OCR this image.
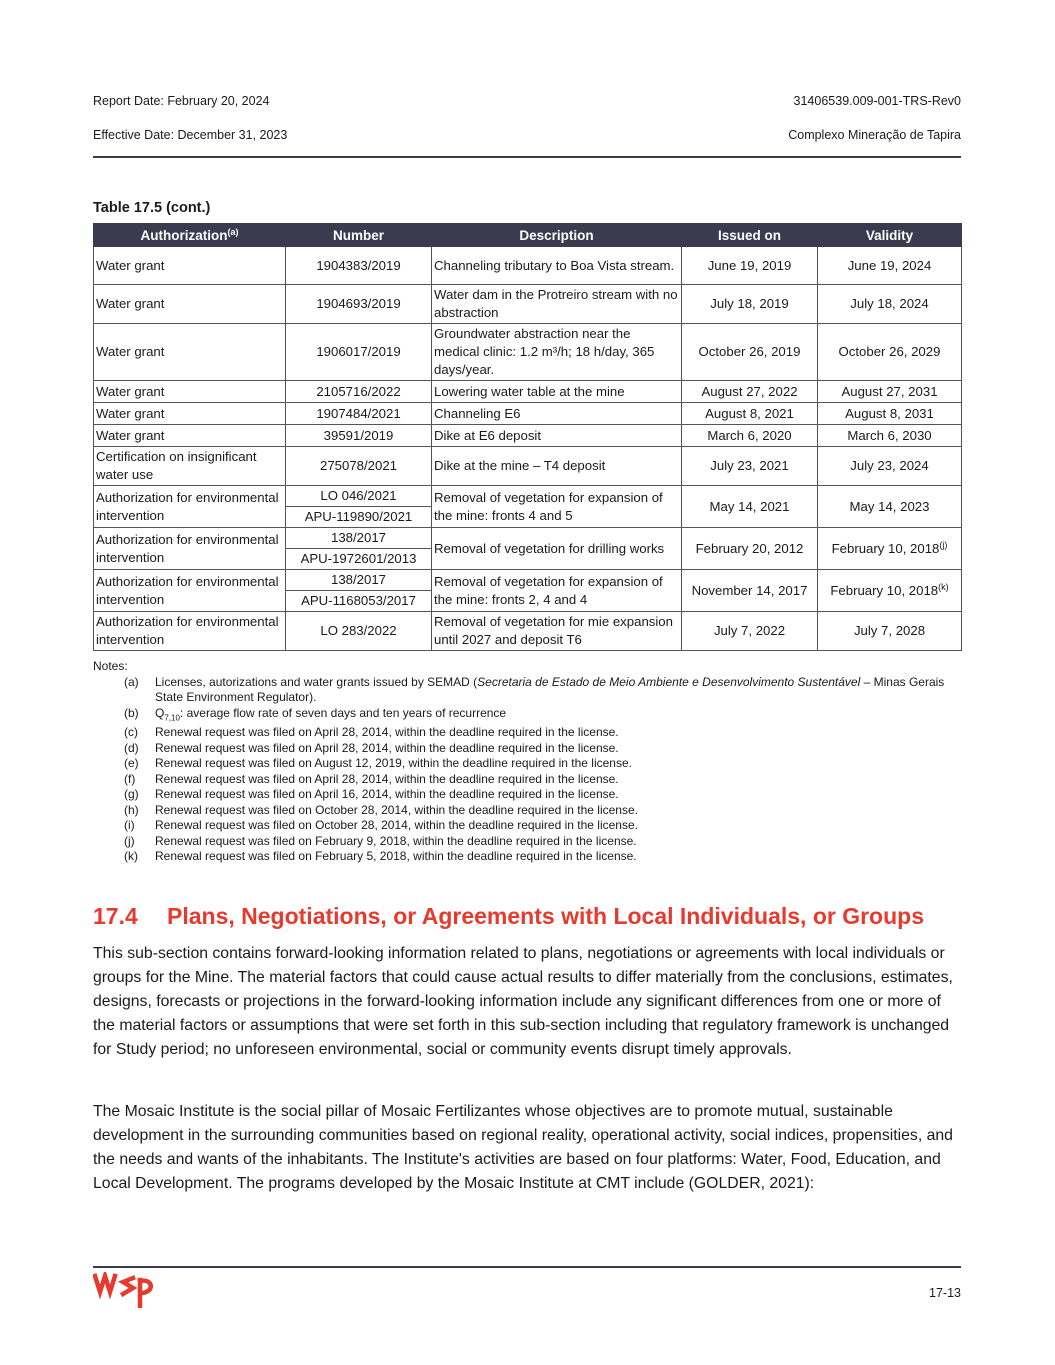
Report Date: February 20, 2024	31406539.009-001-TRS-Rev0
Effective Date: December 31, 2023	Complexo Mineração de Tapira
Table 17.5 (cont.)
Authorization$^{(a)}$	Number	Description	Issued on	Validity
Water grant	1904383/2019	Channeling tributary to Boa Vista stream.	June 19, 2019	June 19, 2024
Water grant	1904693/2019	Water dam in the Protreiro stream with no abstraction	July 18, 2019	July 18, 2024
Water grant	1906017/2019	Groundwater abstraction near the medical clinic: 1.2 m³/h; 18 h/day, 365 days/year.	October 26, 2019	October 26, 2029
Water grant	2105716/2022	Lowering water table at the mine	August 27, 2022	August 27, 2031
Water grant	1907484/2021	Channeling E6	August 8, 2021	August 8, 2031
Water grant	39591/2019	Dike at E6 deposit	March 6, 2020	March 6, 2030
Certification on insignificant water use	275078/2021	Dike at the mine – T4 deposit	July 23, 2021	July 23, 2024
Authorization for environmental intervention	LO 046/2021	Removal of vegetation for expansion of the mine: fronts 4 and 5	May 14, 2021	May 14, 2023
	APU-119890/2021			
Authorization for environmental intervention	138/2017	Removal of vegetation for drilling works	February 20, 2012	February 10, 2018$^{(j)}$
	APU-1972601/2013			
Authorization for environmental intervention	138/2017	Removal of vegetation for expansion of the mine: fronts 2, 4 and 4	November 14, 2017	February 10, 2018$^{(k)}$
	APU-1168053/2017			
Authorization for environmental intervention	LO 283/2022	Removal of vegetation for mie expansion until 2027 and deposit T6	July 7, 2022	July 7, 2028
Notes:
(a) Licenses, autorizations and water grants issued by SEMAD (Secretaria de Estado de Meio Ambiente e Desenvolvimento Sustentável – Minas Gerais State Environment Regulator).
(b) $Q_{7,10}$: average flow rate of seven days and ten years of recurrence
(c) Renewal request was filed on April 28, 2014, within the deadline required in the license.
(d) Renewal request was filed on April 28, 2014, within the deadline required in the license.
(e) Renewal request was filed on August 12, 2019, within the deadline required in the license.
(f) Renewal request was filed on April 28, 2014, within the deadline required in the license.
(g) Renewal request was filed on April 16, 2014, within the deadline required in the license.
(h) Renewal request was filed on October 28, 2014, within the deadline required in the license.
(i) Renewal request was filed on October 28, 2014, within the deadline required in the license.
(j) Renewal request was filed on February 9, 2018, within the deadline required in the license.
(k) Renewal request was filed on February 5, 2018, within the deadline required in the license.
17.4 Plans, Negotiations, or Agreements with Local Individuals, or Groups

This sub-section contains forward-looking information related to plans, negotiations or agreements with local individuals or groups for the Mine. The material factors that could cause actual results to differ materially from the conclusions, estimates, designs, forecasts or projections in the forward-looking information include any significant differences from one or more of the material factors or assumptions that were set forth in this sub-section including that regulatory framework is unchanged for Study period; no unforeseen environmental, social or community events disrupt timely approvals.

The Mosaic Institute is the social pillar of Mosaic Fertilizantes whose objectives are to promote mutual, sustainable development in the surrounding communities based on regional reality, operational activity, social indices, propensities, and the needs and wants of the inhabitants. The Institute's activities are based on four platforms: Water, Food, Education, and Local Development. The programs developed by the Mosaic Institute at CMT include (GOLDER, 2021):

17-13
